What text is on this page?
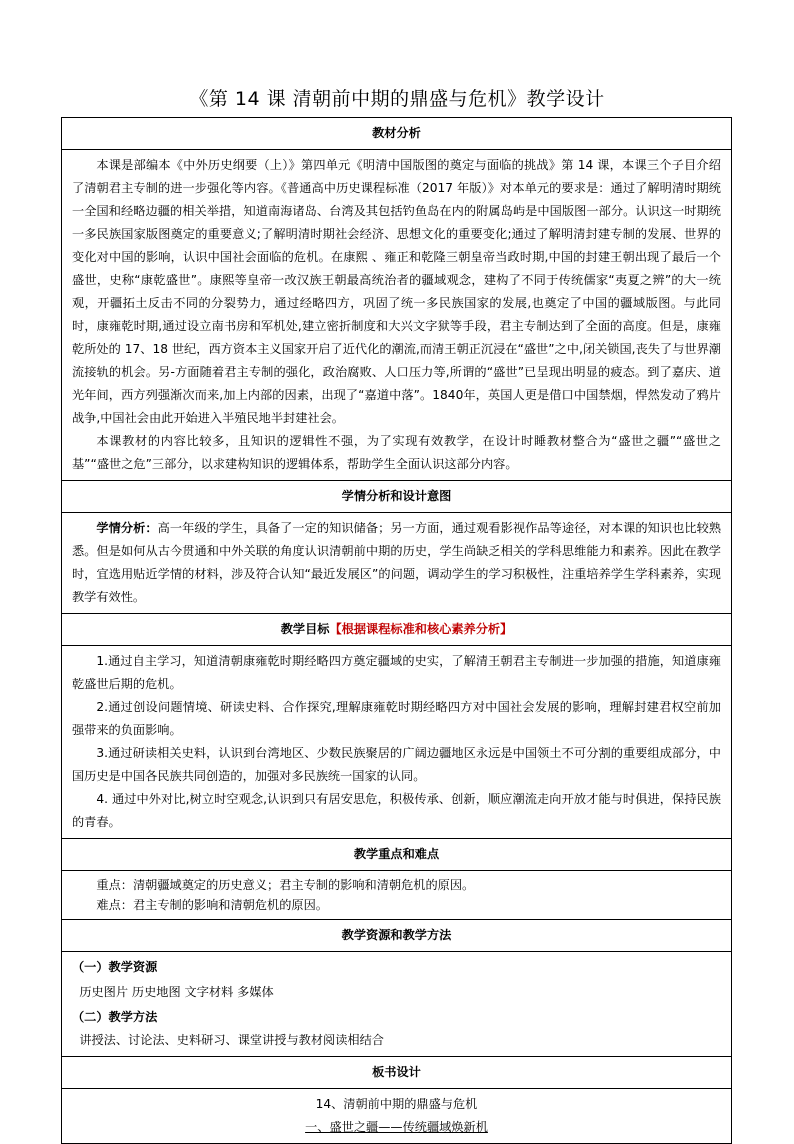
《第 14 课 清朝前中期的鼎盛与危机》教学设计
教材分析

本课是部编本《中外历史纲要（上）》第四单元《明清中国版图的奠定与面临的挑战》第 14 课，本课三个子目介绍了清朝君主专制的进一步强化等内容。《普通高中历史课程标准（2017 年版）》对本单元的要求是：通过了解明清时期统一全国和经略边疆的相关举措，知道南海诸岛、台湾及其包括钓鱼岛在内的附属岛屿是中国版图一部分。认识这一时期统一多民族国家版图奠定的重要意义;了解明清时期社会经济、思想文化的重要变化;通过了解明清封建专制的发展、世界的变化对中国的影响，认识中国社会面临的危机。在康熙 、雍正和乾隆三朝皇帝当政时期,中国的封建王朝出现了最后一个盛世，史称“康乾盛世”。康熙等皇帝一改汉族王朝最高统治者的疆域观念，建构了不同于传统儒家“夷夏之辨”的大一统观，开疆拓土反击不同的分裂势力，通过经略四方，巩固了统一多民族国家的发展,也奠定了中国的疆域版图。与此同时，康雍乾时期,通过设立南书房和军机处,建立密折制度和大兴文字狱等手段，君主专制达到了全面的高度。但是，康雍乾所处的 17、18 世纪，西方资本主义国家开启了近代化的潮流,而清王朝正沉浸在“盛世”之中,闭关锁国,丧失了与世界潮流接轨的机会。另-方面随着君主专制的强化，政治腐败、人口压力等,所谓的“盛世”已呈现出明显的疲态。到了嘉庆、道光年间，西方列强渐次而来,加上内部的因素，出现了“嘉道中落”。1840年，英国人更是借口中国禁烟，悍然发动了鸦片战争,中国社会由此开始进入半殖民地半封建社会。

本课教材的内容比较多，且知识的逻辑性不强，为了实现有效教学，在设计时睡教材整合为“盛世之疆”“盛世之基”“盛世之危”三部分，以求建构知识的逻辑体系，帮助学生全面认识这部分内容。

学情分析和设计意图

学情分析：高一年级的学生，具备了一定的知识储备；另一方面，通过观看影视作品等途径，对本课的知识也比较熟悉。但是如何从古今贯通和中外关联的角度认识清朝前中期的历史，学生尚缺乏相关的学科思维能力和素养。因此在教学时，宜选用贴近学情的材料，涉及符合认知“最近发展区”的问题，调动学生的学习积极性，注重培养学生学科素养，实现教学有效性。

教学目标【根据课程标准和核心素养分析】

1.通过自主学习，知道清朝康雍乾时期经略四方奠定疆域的史实，了解清王朝君主专制进一步加强的措施，知道康雍乾盛世后期的危机。

2.通过创设问题情境、研读史料、合作探究,理解康雍乾时期经略四方对中国社会发展的影响，理解封建君权空前加强带来的负面影响。

3.通过研读相关史料，认识到台湾地区、少数民族聚居的广阔边疆地区永远是中国领土不可分割的重要组成部分，中国历史是中国各民族共同创造的，加强对多民族统一国家的认同。

4. 通过中外对比,树立时空观念,认识到只有居安思危，积极传承、创新，顺应潮流走向开放才能与时俱进，保持民族的青春。

教学重点和难点

重点：清朝疆域奠定的历史意义；君主专制的影响和清朝危机的原因。

难点：君主专制的影响和清朝危机的原因。

教学资源和教学方法

（一）教学资源

历史图片 历史地图 文字材料 多媒体

（二）教学方法

讲授法、讨论法、史料研习、课堂讲授与教材阅读相结合

板书设计

14、清朝前中期的鼎盛与危机

一、盛世之疆——传统疆域焕新机
